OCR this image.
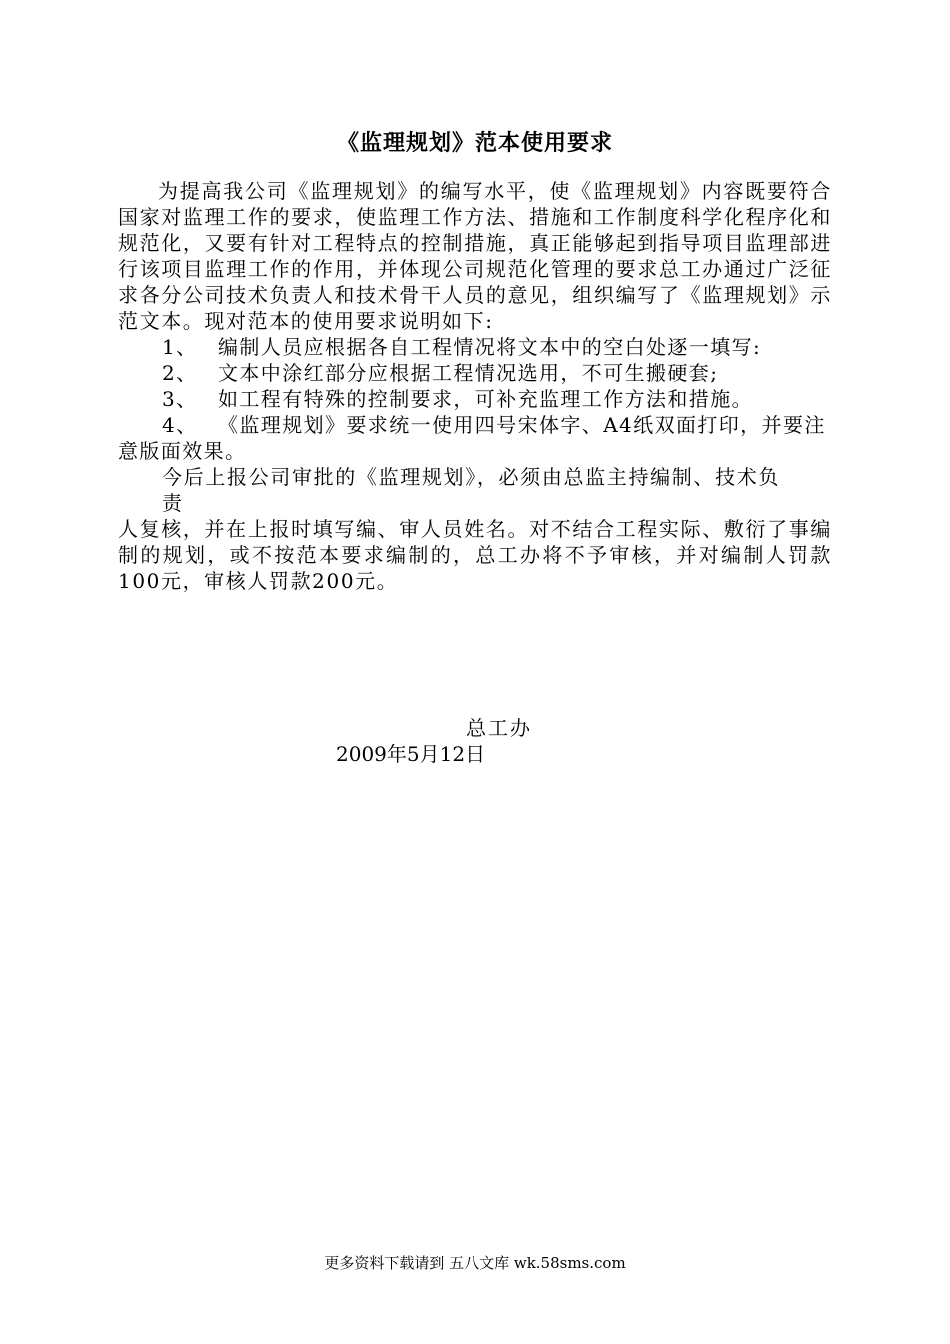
《监理规划》范本使用要求

为提高我公司《监理规划》的编写水平，使《监理规划》内容既要符合国家对监理工作的要求，使监理工作方法、措施和工作制度科学化程序化和规范化，又要有针对工程特点的控制措施，真正能够起到指导项目监理部进行该项目监理工作的作用，并体现公司规范化管理的要求总工办通过广泛征求各分公司技术负责人和技术骨干人员的意见，组织编写了《监理规划》示范文本。现对范本的使用要求说明如下:

1、 编制人员应根据各自工程情况将文本中的空白处逐一填写:

2、 文本中涂红部分应根据工程情况选用，不可生搬硬套;

3、 如工程有特殊的控制要求，可补充监理工作方法和措施。

4、 《监理规划》要求统一使用四号宋体字、A4纸双面打印，并要注意版面效果。

今后上报公司审批的《监理规划》，必须由总监主持编制、技术负
责
人复核，并在上报时填写编、审人员姓名。对不结合工程实际、敷衍了事编制的规划，或不按范本要求编制的，总工办将不予审核，并对编制人罚款100元，审核人罚款200元。
总工办
2009年5月12日
更多资料下载请到 五八文库 wk.58sms.com
